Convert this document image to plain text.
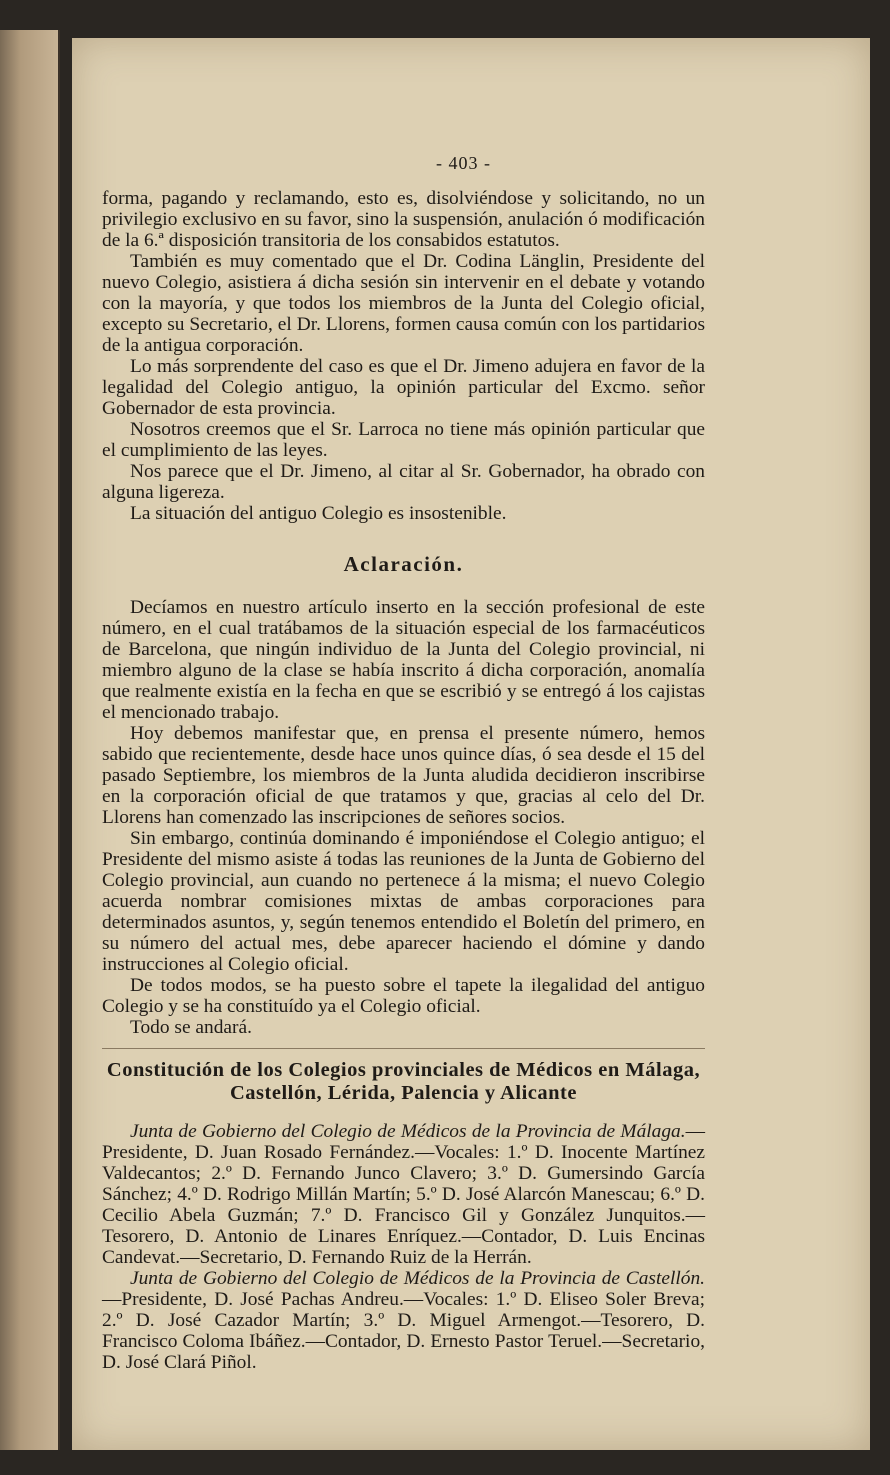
- 403 -

forma, pagando y reclamando, esto es, disolviéndose y solicitando, no un privilegio exclusivo en su favor, sino la suspensión, anulación ó modificación de la 6.ª disposición transitoria de los consabidos estatutos.

También es muy comentado que el Dr. Codina Länglin, Presidente del nuevo Colegio, asistiera á dicha sesión sin intervenir en el debate y votando con la mayoría, y que todos los miembros de la Junta del Colegio oficial, excepto su Secretario, el Dr. Llorens, formen causa común con los partidarios de la antigua corporación.

Lo más sorprendente del caso es que el Dr. Jimeno adujera en favor de la legalidad del Colegio antiguo, la opinión particular del Excmo. señor Gobernador de esta provincia.

Nosotros creemos que el Sr. Larroca no tiene más opinión particular que el cumplimiento de las leyes.

Nos parece que el Dr. Jimeno, al citar al Sr. Gobernador, ha obrado con alguna ligereza.

La situación del antiguo Colegio es insostenible.

Aclaración.

Decíamos en nuestro artículo inserto en la sección profesional de este número, en el cual tratábamos de la situación especial de los farmacéuticos de Barcelona, que ningún individuo de la Junta del Colegio provincial, ni miembro alguno de la clase se había inscrito á dicha corporación, anomalía que realmente existía en la fecha en que se escribió y se entregó á los cajistas el mencionado trabajo.

Hoy debemos manifestar que, en prensa el presente número, hemos sabido que recientemente, desde hace unos quince días, ó sea desde el 15 del pasado Septiembre, los miembros de la Junta aludida decidieron inscribirse en la corporación oficial de que tratamos y que, gracias al celo del Dr. Llorens han comenzado las inscripciones de señores socios.

Sin embargo, continúa dominando é imponiéndose el Colegio antiguo; el Presidente del mismo asiste á todas las reuniones de la Junta de Gobierno del Colegio provincial, aun cuando no pertenece á la misma; el nuevo Colegio acuerda nombrar comisiones mixtas de ambas corporaciones para determinados asuntos, y, según tenemos entendido el Boletín del primero, en su número del actual mes, debe aparecer haciendo el dómine y dando instrucciones al Colegio oficial.

De todos modos, se ha puesto sobre el tapete la ilegalidad del antiguo Colegio y se ha constituído ya el Colegio oficial.

Todo se andará.

Constitución de los Colegios provinciales de Médicos en Málaga, Castellón, Lérida, Palencia y Alicante

Junta de Gobierno del Colegio de Médicos de la Provincia de Málaga.—Presidente, D. Juan Rosado Fernández.—Vocales: 1.º D. Inocente Martínez Valdecantos; 2.º D. Fernando Junco Clavero; 3.º D. Gumersindo García Sánchez; 4.º D. Rodrigo Millán Martín; 5.º D. José Alarcón Manescau; 6.º D. Cecilio Abela Guzmán; 7.º D. Francisco Gil y González Junquitos.—Tesorero, D. Antonio de Linares Enríquez.—Contador, D. Luis Encinas Candevat.—Secretario, D. Fernando Ruiz de la Herrán.

Junta de Gobierno del Colegio de Médicos de la Provincia de Castellón.—Presidente, D. José Pachas Andreu.—Vocales: 1.º D. Eliseo Soler Breva; 2.º D. José Cazador Martín; 3.º D. Miguel Armengot.—Tesorero, D. Francisco Coloma Ibáñez.—Contador, D. Ernesto Pastor Teruel.—Secretario, D. José Clará Piñol.
